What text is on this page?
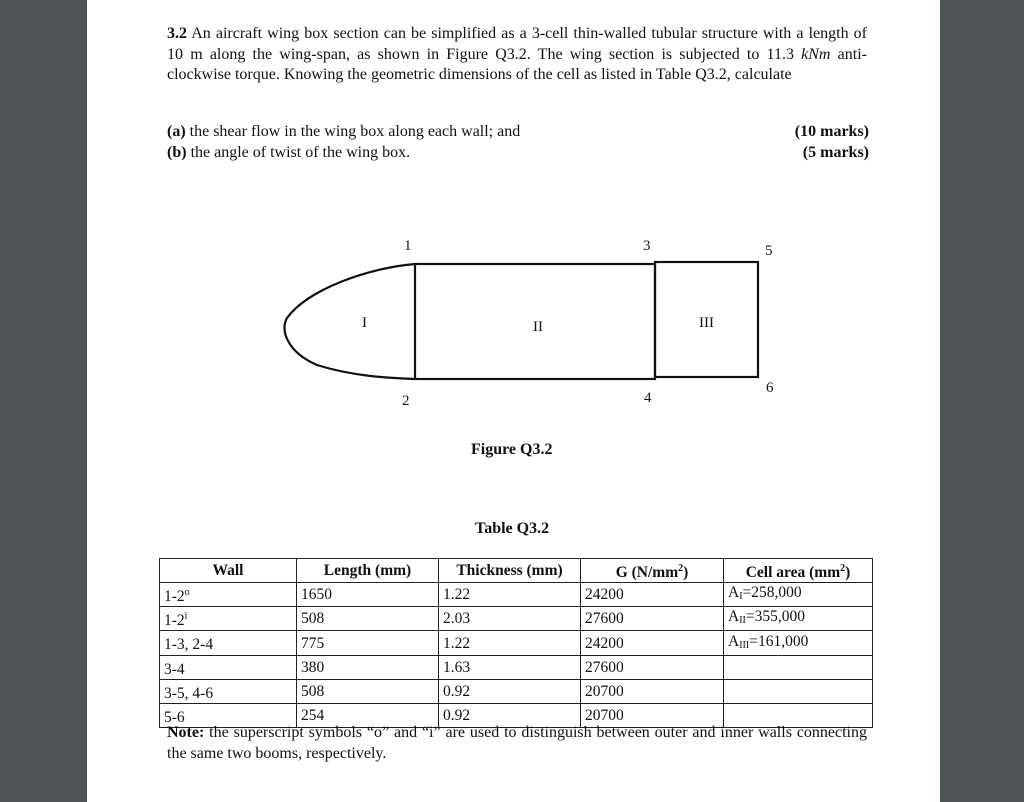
3.2 An aircraft wing box section can be simplified as a 3-cell thin-walled tubular structure with a length of 10 m along the wing-span, as shown in Figure Q3.2. The wing section is subjected to 11.3 kNm anti-clockwise torque. Knowing the geometric dimensions of the cell as listed in Table Q3.2, calculate
(a) the shear flow in the wing box along each wall; and	(10 marks)
(b) the angle of twist of the wing box.	(5 marks)
1
2
3
4
5
6
I	II	III
Figure Q3.2
Table Q3.2
Wall	Length (mm)	Thickness (mm)	G $(N/mm^2)$	Cell area $(mm^2)$
1-2$^o$	1650	1.22	24200	$A_I=258,000$
1-2$^i$	508	2.03	27600	$A_{II}=355,000$
1-3, 2-4	775	1.22	24200	$A_{III}=161,000$
3-4	380	1.63	27600	
3-5, 4-6	508	0.92	20700	
5-6	254	0.92	20700	
Note: the superscript symbols “o” and “i” are used to distinguish between outer and inner walls connecting the same two booms, respectively.
